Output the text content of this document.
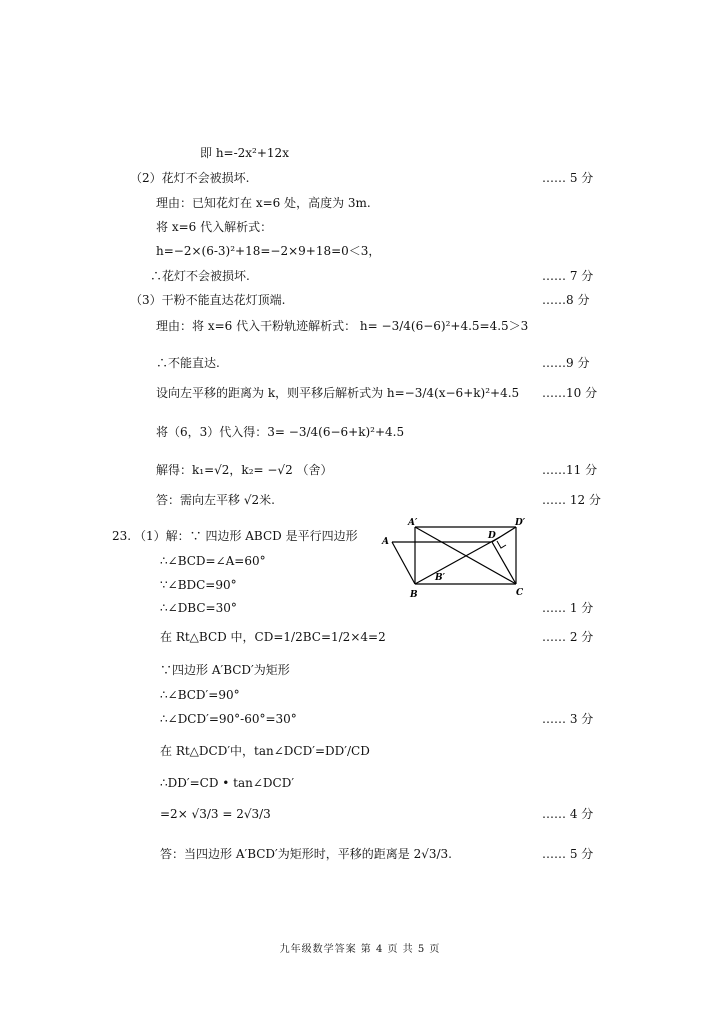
即 h=-2x²+12x
（2）花灯不会被损坏.	…… 5 分
理由：已知花灯在 x=6 处，高度为 3m.
将 x=6 代入解析式：
h=−2×(6-3)²+18=−2×9+18=0＜3，
∴花灯不会被损坏.	…… 7 分
（3）干粉不能直达花灯顶端.	……8 分
理由：将 x=6 代入干粉轨迹解析式： h= −3/4(6−6)²+4.5=4.5＞3
∴不能直达.	……9 分
设向左平移的距离为 k，则平移后解析式为 h=−3/4(x−6+k)²+4.5 ……10 分
将（6，3）代入得：3= −3/4(6−6+k)²+4.5
解得：k₁=√2，k₂= −√2 （舍）	……11 分
答：需向左平移 √2米.	…… 12 分
23. （1）解：∵ 四边形 ABCD 是平行四边形
∴∠BCD=∠A=60°
∵∠BDC=90°
∴∠DBC=30°	…… 1 分
在 Rt△BCD 中，CD=1/2BC=1/2×4=2	…… 2 分
∵四边形 A′BCD′为矩形
∴∠BCD′=90°
∴∠DCD′=90°-60°=30°	…… 3 分
在 Rt△DCD′中，tan∠DCD′=DD′/CD
∴DD′=CD • tan∠DCD′
=2× √3/3 = 2√3/3	…… 4 分
答：当四边形 A′BCD′为矩形时，平移的距离是 2√3/3.	…… 5 分
A′	D′
A
D
B′
B	C
九年级数学答案 第 4 页 共 5 页
